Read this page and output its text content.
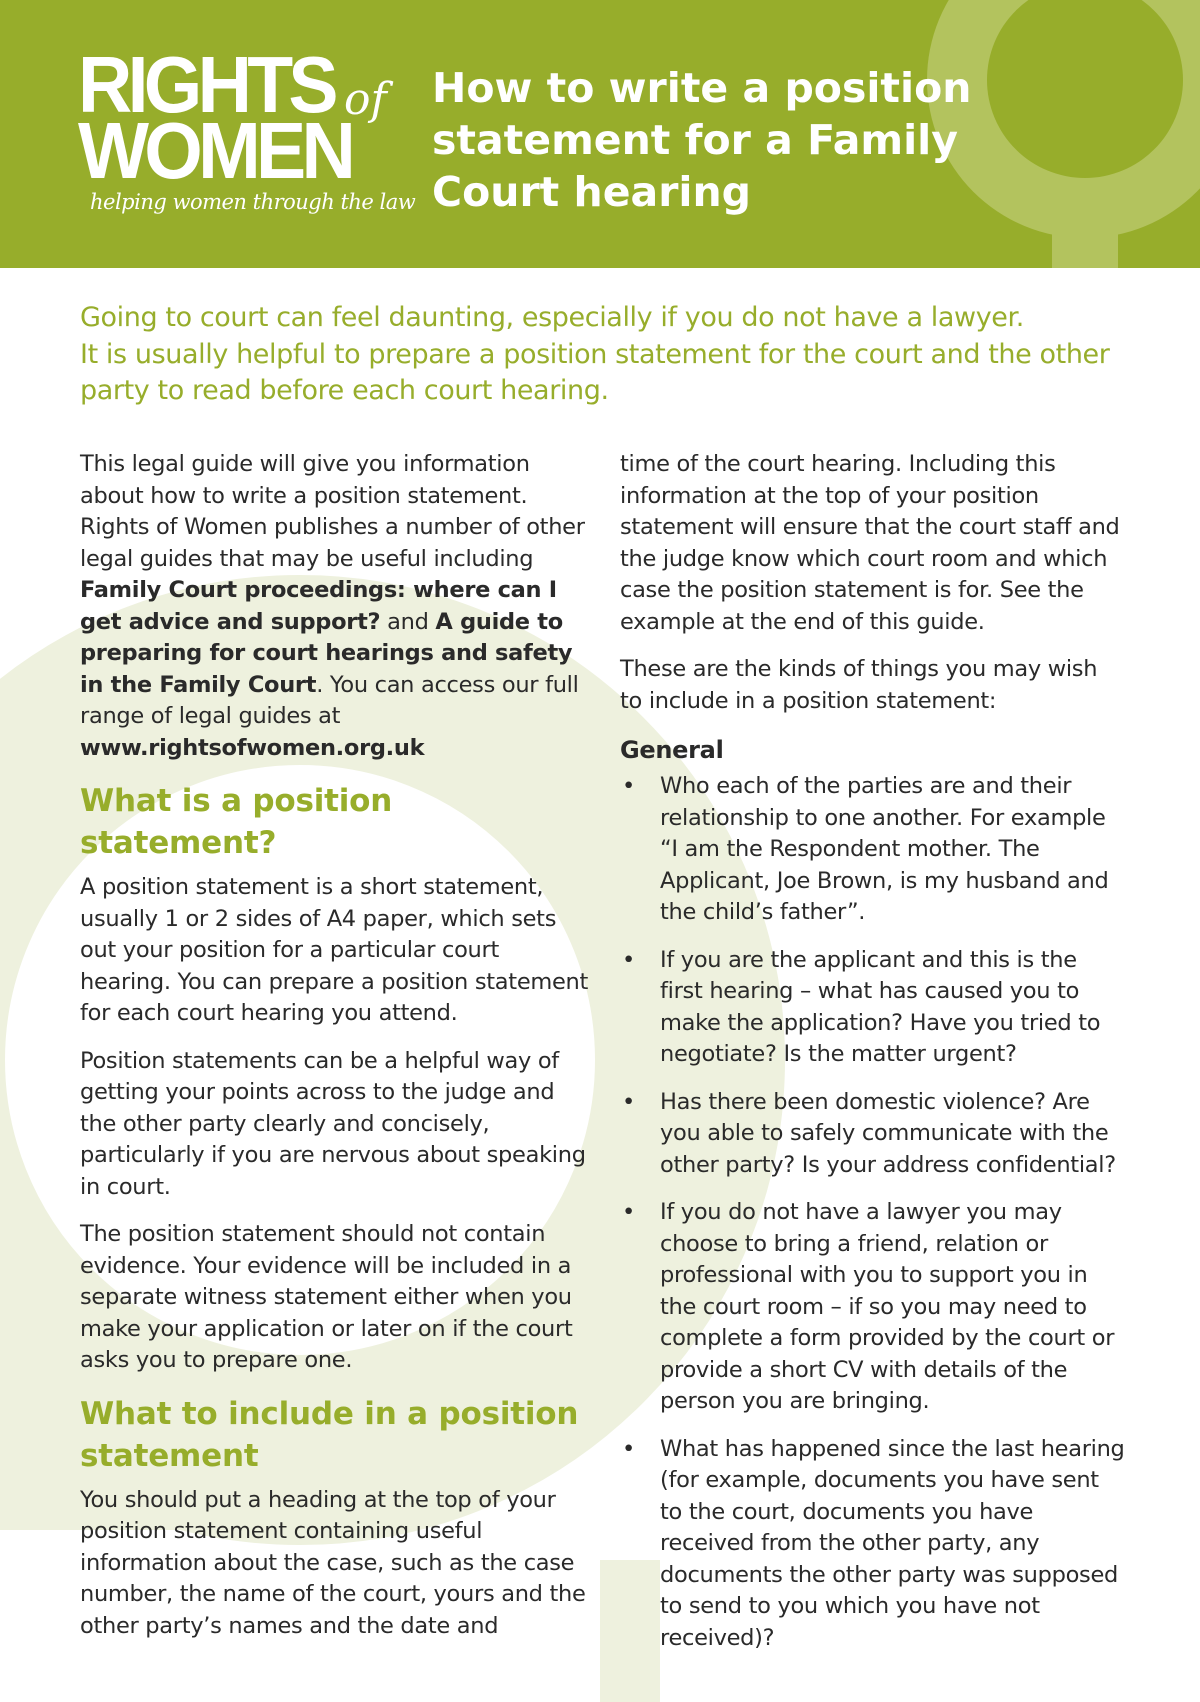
RIGHTS
WOMEN
of
helping women through the law
How to write a position
statement for a Family
Court hearing
Going to court can feel daunting, especially if you do not have a lawyer.
It is usually helpful to prepare a position statement for the court and the other
party to read before each court hearing.

This legal guide will give you information about how to write a position statement. Rights of Women publishes a number of other legal guides that may be useful including Family Court proceedings: where can I get advice and support? and A guide to preparing for court hearings and safety in the Family Court. You can access our full range of legal guides at www.rightsofwomen.org.uk

What is a position statement?

A position statement is a short statement, usually 1 or 2 sides of A4 paper, which sets out your position for a particular court hearing. You can prepare a position statement for each court hearing you attend.

Position statements can be a helpful way of getting your points across to the judge and the other party clearly and concisely, particularly if you are nervous about speaking in court.

The position statement should not contain evidence. Your evidence will be included in a separate witness statement either when you make your application or later on if the court asks you to prepare one.

What to include in a position statement

You should put a heading at the top of your position statement containing useful information about the case, such as the case number, the name of the court, yours and the other party’s names and the date and

time of the court hearing. Including this information at the top of your position statement will ensure that the court staff and the judge know which court room and which case the position statement is for. See the example at the end of this guide.

These are the kinds of things you may wish to include in a position statement:

General
• Who each of the parties are and their relationship to one another. For example “I am the Respondent mother. The Applicant, Joe Brown, is my husband and the child’s father”.
• If you are the applicant and this is the first hearing – what has caused you to make the application? Have you tried to negotiate? Is the matter urgent?
• Has there been domestic violence? Are you able to safely communicate with the other party? Is your address confidential?
• If you do not have a lawyer you may choose to bring a friend, relation or professional with you to support you in the court room – if so you may need to complete a form provided by the court or provide a short CV with details of the person you are bringing.
• What has happened since the last hearing (for example, documents you have sent to the court, documents you have received from the other party, any documents the other party was supposed to send to you which you have not received)?
